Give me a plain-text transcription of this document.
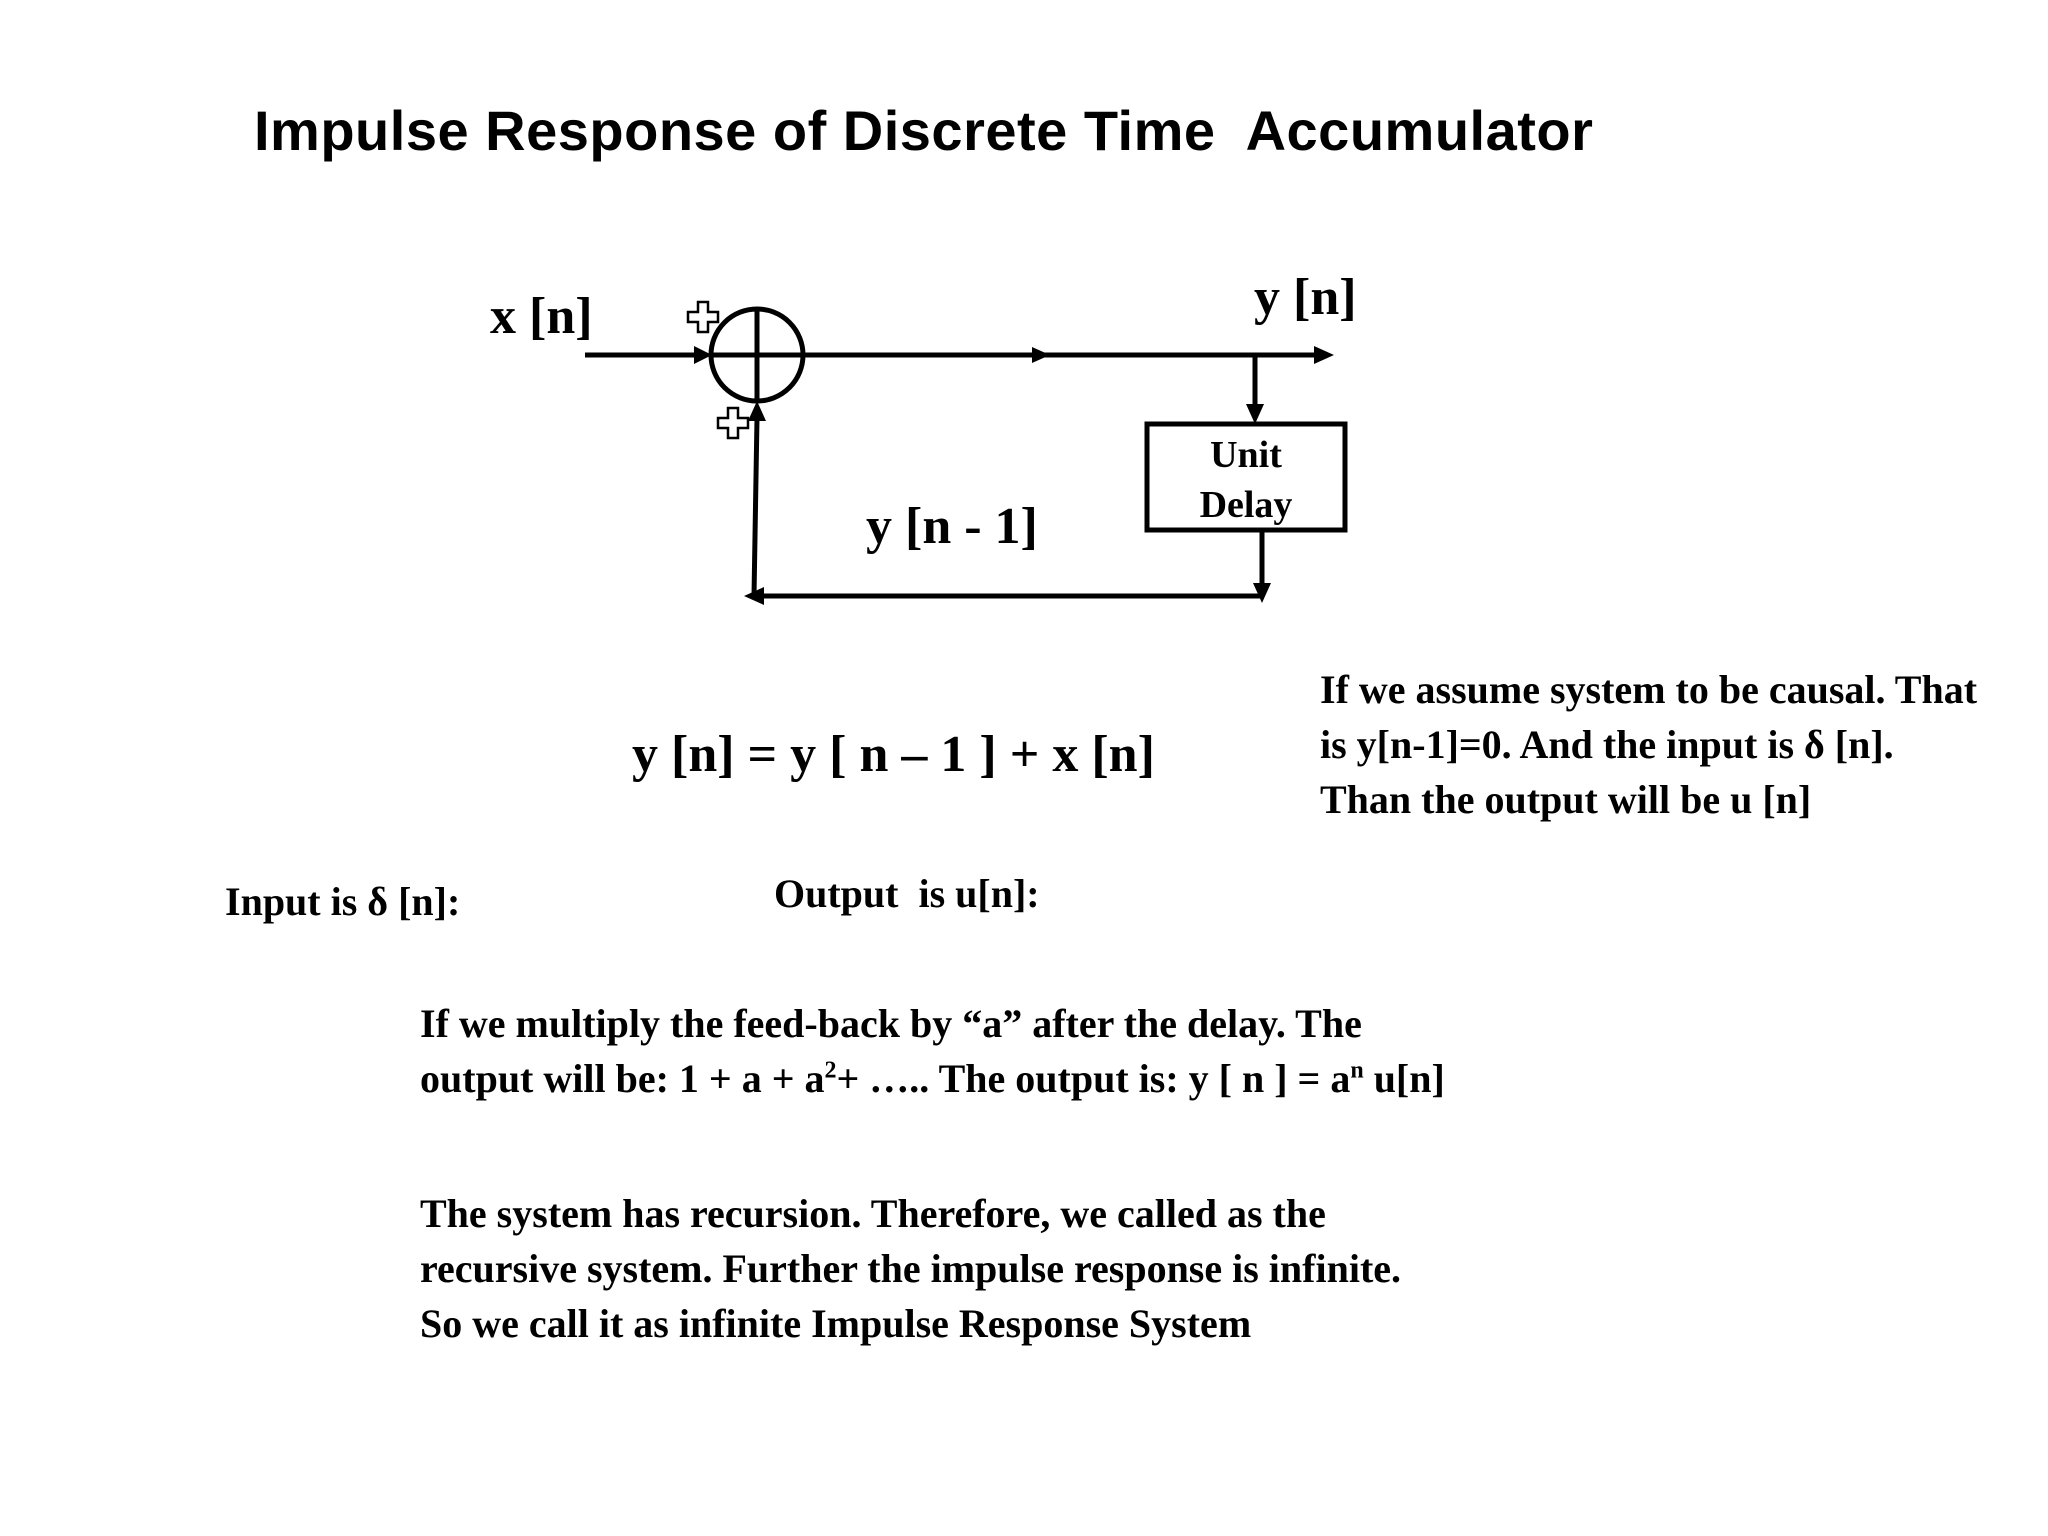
Impulse Response of Discrete Time  Accumulator
x [n]	y [n]
y [n - 1]
Unit
Delay
y [n] = y [ n – 1 ] + x [n]
Input is δ [n]:	Output  is u[n]:
If we assume system to be causal. That is y[n-1]=0. And the input is δ [n]. Than the output will be u [n]
If we multiply the feed-back by “a” after the delay. The
output will be: $1 + a + a^2+$ ….. The output is: y [ n ] = $a^n$ u[n]
The system has recursion. Therefore, we called as the
recursive system. Further the impulse response is infinite.
So we call it as infinite Impulse Response System
